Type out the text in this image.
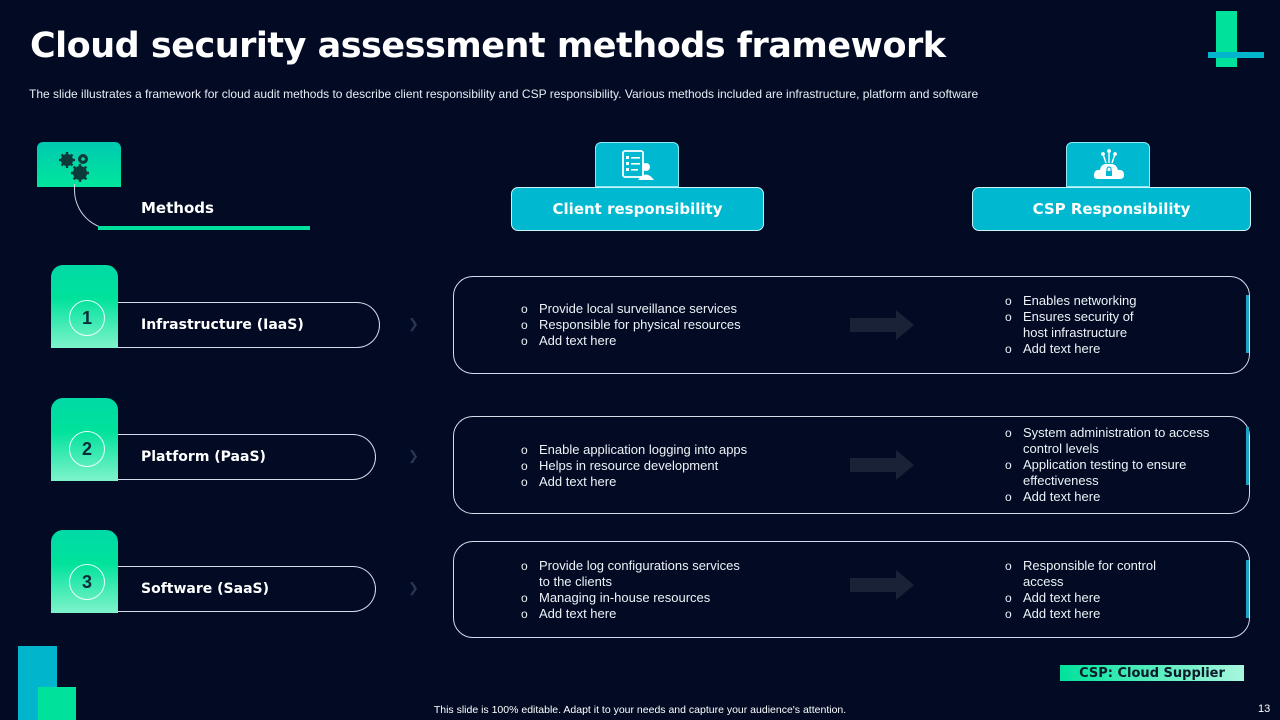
Cloud security assessment methods framework
The slide illustrates a framework for cloud audit methods to describe client responsibility and CSP responsibility. Various methods included are infrastructure, platform and software
Methods	Client responsibility	CSP Responsibility
1	Infrastructure (IaaS)	❯
o Provide local surveillance services
o Responsible for physical resources
o Add text here
o Enables networking
o Ensures security of host infrastructure
o Add text here
2	Platform (PaaS)	❯
o	Enable application logging into apps
o Helps in resource development
o Add text here
o System administration to access control levels
o Application testing to ensure effectiveness
o Add text here
3	Software (SaaS)	❯
o Provide log configurations services to the clients
o Managing in-house resources
o Add text here
o Responsible for control access
o Add text here
o Add text here
CSP: Cloud Supplier
This slide is 100% editable. Adapt it to your needs and capture your audience's attention.	13
